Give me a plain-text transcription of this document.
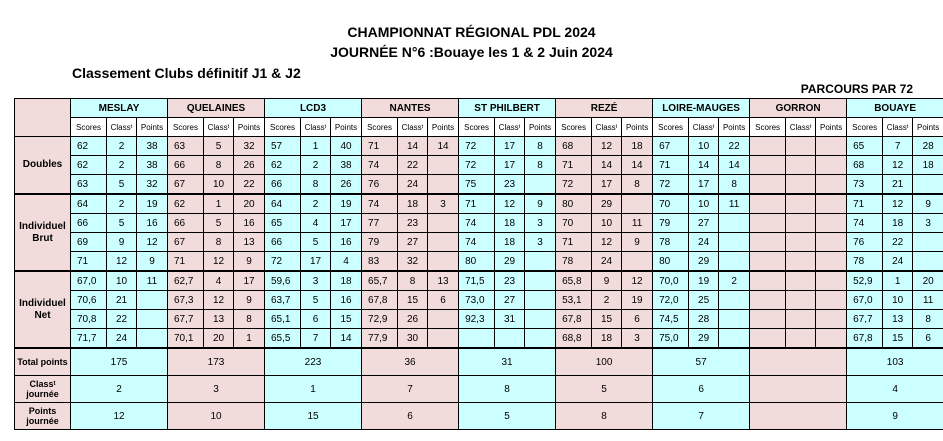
CHAMPIONNAT RÉGIONAL PDL 2024
JOURNÉE N°6 :Bouaye les 1 & 2 Juin 2024
Classement Clubs définitif J1 & J2
PARCOURS PAR 72
	MESLAY			QUELAINES			LCD3			NANTES			ST PHILBERT			REZÉ			LOIRE-MAUGES			GORRON			BOUAYE		
	Scores	Classᵗ	Points	Scores	Classᵗ	Points	Scores	Classᵗ	Points	Scores	Classᵗ	Points	Scores	Classᵗ	Points	Scores	Classᵗ	Points	Scores	Classᵗ	Points	Scores	Classᵗ	Points	Scores	Classᵗ	Points
Doubles	62	2	38	63	5	32	57	1	40	71	14	14	72	17	8	68	12	18	67	10	22				65	7	28
	62	2	38	66	8	26	62	2	38	74	22		72	17	8	71	14	14	71	14	14				68	12	18
	63	5	32	67	10	22	66	8	26	76	24		75	23		72	17	8	72	17	8				73	21	
Individuel Brut	64	2	19	62	1	20	64	2	19	74	18	3	71	12	9	80	29		70	10	11				71	12	9
	66	5	16	66	5	16	65	4	17	77	23		74	18	3	70	10	11	79	27					74	18	3
	69	9	12	67	8	13	66	5	16	79	27		74	18	3	71	12	9	78	24					76	22	
	71	12	9	71	12	9	72	17	4	83	32		80	29		78	24		80	29					78	24	
Individuel Net	67,0	10	11	62,7	4	17	59,6	3	18	65,7	8	13	71,5	23		65,8	9	12	70,0	19	2				52,9	1	20
	70,6	21		67,3	12	9	63,7	5	16	67,8	15	6	73,0	27		53,1	2	19	72,0	25					67,0	10	11
	70,8	22		67,7	13	8	65,1	6	15	72,9	26		92,3	31		67,8	15	6	74,5	28					67,7	13	8
	71,7	24		70,1	20	1	65,5	7	14	77,9	30					68,8	18	3	75,0	29					67,8	15	6
Total points	175			173			223			36			31			100			57						103		
Classᵗ journée	2			3			1			7			8			5			6						4		
Points journée	12			10			15			6			5			8			7						9		
